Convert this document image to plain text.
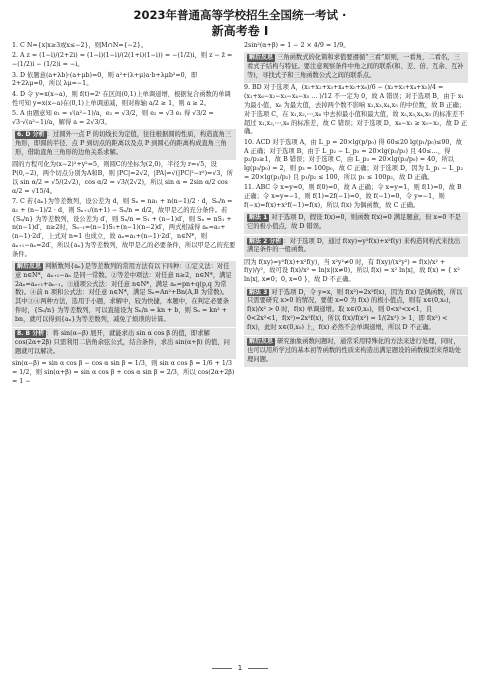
2023年普通高等学校招生全国统一考试 ·
新高考卷 Ⅰ

1. C N={x|x≥3或x≤−2}，则M∩N={−2}。

2. A z = (1−i)/(2+2i) = (1−i)(1−i)/(2(1+i)(1−i)) = −(1/2)i，则 z − z̄ = −(1/2)i − (1/2)i = −i。

3. D 依题意(a+λb)·(a+μb)=0，则 a²+(λ+μ)a·b+λμb²=0，即 2+2λμ=0，所以 λμ=−1。

4. D 令 y=x(x−a)，则 f(t)=2ᵗ 在区间(0,1)上单调递增，根据复合函数的单调性可知 y=x(x−a)在(0,1)上单调递减，则对称轴 a/2 ≥ 1，则 a ≥ 2。

5. A 由题意知 e₁ = √(a²−1)/a，e₂ = √3/2，则 e₂ = √3 e₁ 得 √3/2 = √3·√(a²−1)/a，解得 a = 2√3/3。

6. D 分析 ：过圆外一点 P 的切线长为定值，往往根据圆的性质，构造直角三角形，即圆的半径、点 P 到切点的距离以及点 P 到圆心的距离构成直角三角形，借助直角三角形的边角关系求解。

圆的方程可化为(x−2)²+y²=5，则圆C的坐标为(2,0)，半径为 r=√5，设P(0,−2)，两个切点分别为A和B，则 |PC|=2√2，|PA|=√(|PC|²−r²)=√3，所以 sin α/2 = √5/(2√2)，cos α/2 = √3/(2√2)，所以 sin α = 2sin α/2 cos α/2 = √15/4。

7. C 若{aₙ}为等差数列，设公差为 d，则 Sₙ = na₁ + n(n−1)/2 · d，Sₙ/n = a₁ + (n−1)/2 · d，则 Sₙ₊₁/(n+1) − Sₙ/n = d/2，故甲是乙的充分条件。若 {Sₙ/n} 为等差数列，设公差为 d′，则 Sₙ/n = S₁ + (n−1)d′，则 Sₙ = nS₁ + n(n−1)d′，n≥2时，Sₙ₋₁=(n−1)S₁+(n−1)(n−2)d′，两式相减得 aₙ=a₁+(n−1)·2d′，上式对 n=1 也成立，故 aₙ=a₁+(n−1)·2d′，n∈N*，则 aₙ₊₁−aₙ=2d′，所以{aₙ}为等差数列，故甲是乙的必要条件，所以甲是乙的充要条件。

解后反思 判断数列{aₙ}是等差数列的常用方法有以下四种：①定义法：对任意 n∈N*，aₙ₊₁−aₙ 是同一常数。②等差中项法：对任意 n≥2，n∈N*，满足 2aₙ=aₙ₊₁+aₙ₋₁。③通项公式法：对任意 n∈N*，满足 aₙ=pn+q(p,q 为常数)。④前 n 项和公式法：对任意 n∈N*，满足 Sₙ=An²+Bn(A,B 为常数)。其中③④两种方法，选用于小题，求解中，较为快捷，本题中，在判定必要条件时，{Sₙ/n} 为等差数列，可以直接设为 Sₙ/n = kn + b，则 Sₙ = kn² + bn，就可以得到{aₙ}为等差数列，减免了烦琐的计算。

8. B 分析 ：将 sin(α−β) 展开，就能求出 sin α cos β 的值，即求解 cos(2α+2β) 只需利用二倍角余弦公式，结合条件，求出 sin(α+β) 的值，问题就可以解决。

sin(α−β) = sin α cos β − cos α sin β = 1/3，则 sin α cos β = 1/6 + 1/3 = 1/2，则 sin(α+β) = sin α cos β + cos α sin β = 2/3，所以 cos(2α+2β) = 1 −

2sin²(α+β) = 1 − 2 × 4/9 = 1/9。

解后反思 三角函数式的化简和求值要遵循“三看”原则，一看角，二看名，三看式子结构与特征。要注意观察条件中角之间的联系(和、差、倍、互余、互补等)，寻找式子和三角函数公式之间的联系点。

9. BD 对于选项 A，(x₁+x₂+x₃+x₄+x₅+x₆)/6 − (x₂+x₃+x₄+x₅)/4 = (x₁+x₆−x₂−x₃−x₄−x₅ ... )/12 不一定为 0，故 A 错误；对于选项 B，由于 x₁ 为最小值，x₆ 为最大值，去掉两个数不影响 x₂,x₃,x₄,x₅ 的中位数，故 B 正确；对于选项 C，在 x₁,x₂,⋯,x₆ 中去掉最小值和最大值，故 x₂,x₃,x₄,x₅ 的标准差不超过 x₁,x₂,⋯,x₆ 的标准差，故 C 错误；对于选项 D，x₆−x₁ ≥ x₅−x₂，故 D 正确。

10. ACD 对于选项 A，由 L_p = 20×lg(p/p₀) 得 60≤20 lg(p₁/p₀)≤90，故 A 正确；对于选项 B，由于 L_p₂ − L_p₃ = 20×lg(p₂/p₃) 且 40≤…，得 p₂/p₃≥1，故 B 错误；对于选项 C，由 L_p₃ = 20×lg(p₃/p₀) = 40，所以 lg(p₃/p₀) = 2，则 p₃ = 100p₀，故 C 正确；对于选项 D，因为 L_p₁ − L_p₂ = 20×lg(p₁/p₂) 且 p₁/p₂ ≤ 100，所以 p₁ ≤ 100p₂，故 D 正确。

11. ABC 令 x=y=0，则 f(0)=0，故 A 正确；令 x=y=1，则 f(1)=0，故 B 正确；令 x=y=−1，则 f(1)=2f(−1)=0，故 f(−1)=0，令 y=−1，则 f(−x)=f(x)+x²f(−1)=f(x)，所以 f(x) 为偶函数，故 C 正确。

解法 1 对于选项 D，假设 f(x)=0，则函数 f(x)=0 满足题意，但 x=0 不是它的极小值点，故 D 错误。

解法 2 分析 ：对于选项 D，通过 f(xy)=y²f(x)+x²f(y) 来构造同构式来找出满足条件的一般函数。

因为 f(xy)=y²f(x)+x²f(y)，当 x²y²≠0 时，有 f(xy)/(x²y²) = f(x)/x² + f(y)/y²，故可设 f(x)/x² = ln|x|(x≠0)，所以 f(x) = x² ln|x|，故 f(x) = { x² ln|x|, x≠0；0, x=0 }，故 D 不正确。

解法 3 对于选项 D，令 y=x，则 f(x²)=2x²f(x)，因为 f(x) 是偶函数，所以只需要研究 x>0 的情况，要使 x=0 为 f(x) 的极小值点，则有 x∈(0,x₀)，f(x)/x² > 0 时，f(x) 单调递增。取 x∈(0,x₀)，则 0<x²<x<1，且 0<2x²<1，f(x²)=2x²f(x)，所以 f(x)/f(x²) = 1/(2x²) > 1，即 f(x²) < f(x)，此时 x∈(0,x₀) 上，f(x) 必然不会单调递增，所以 D 不正确。

解后反思 研究抽象函数问题时，通常采用特殊化的方法来进行处理，同时，也可以用所学过的基本初等函数的性质来构造出满足题设的函数模型来帮助处理问题。

1
